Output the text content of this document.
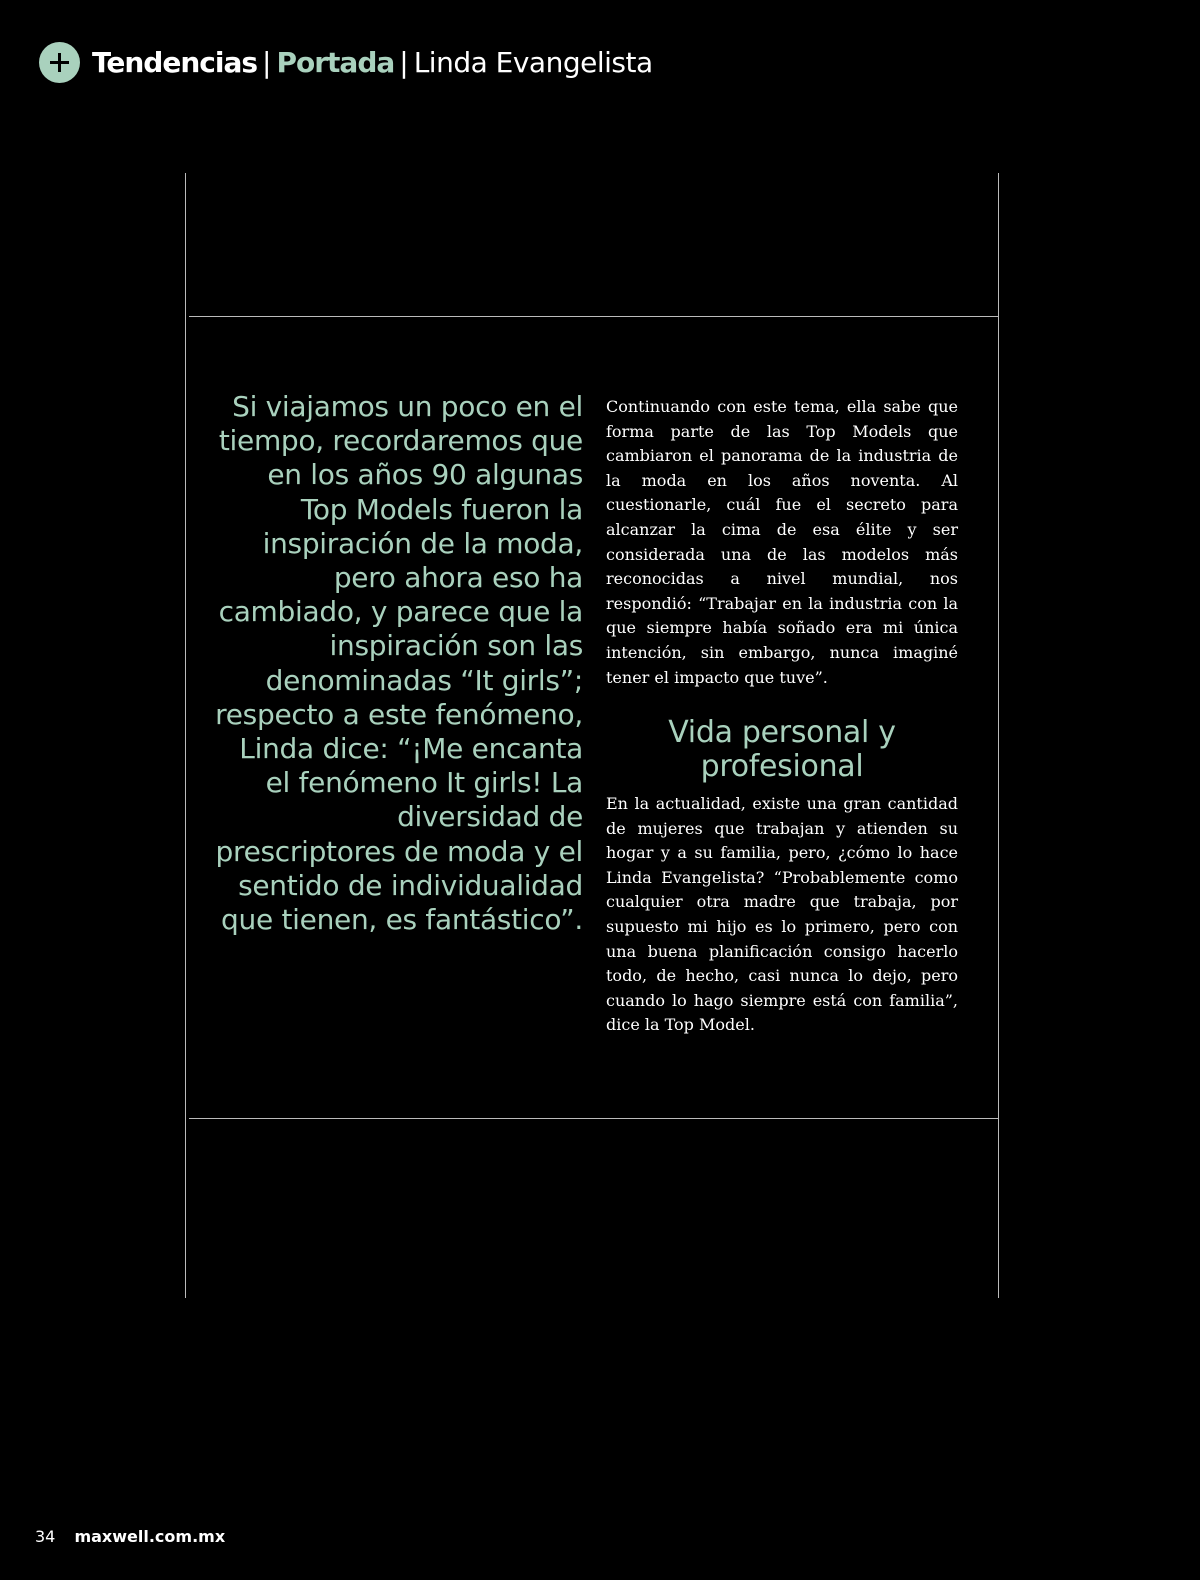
Tendencias | Portada | Linda Evangelista
Si viajamos un poco en el tiempo, recordaremos que en los años 90 algunas Top Models fueron la inspiración de la moda, pero ahora eso ha cambiado, y parece que la inspiración son las denominadas “It girls”; respecto a este fenómeno, Linda dice: “¡Me encanta el fenómeno It girls! La diversidad de prescriptores de moda y el sentido de individualidad que tienen, es fantástico”.

Continuando con este tema, ella sabe que forma parte de las Top Models que cambiaron el panorama de la industria de la moda en los años noventa. Al cuestionarle, cuál fue el secreto para alcanzar la cima de esa élite y ser considerada una de las modelos más reconocidas a nivel mundial, nos respondió: “Trabajar en la industria con la que siempre había soñado era mi única intención, sin embargo, nunca imaginé tener el impacto que tuve”.

Vida personal y profesional

En la actualidad, existe una gran cantidad de mujeres que trabajan y atienden su hogar y a su familia, pero, ¿cómo lo hace Linda Evangelista? “Probablemente como cualquier otra madre que trabaja, por supuesto mi hijo es lo primero, pero con una buena planificación consigo hacerlo todo, de hecho, casi nunca lo dejo, pero cuando lo hago siempre está con familia”, dice la Top Model.

34 maxwell.com.mx
